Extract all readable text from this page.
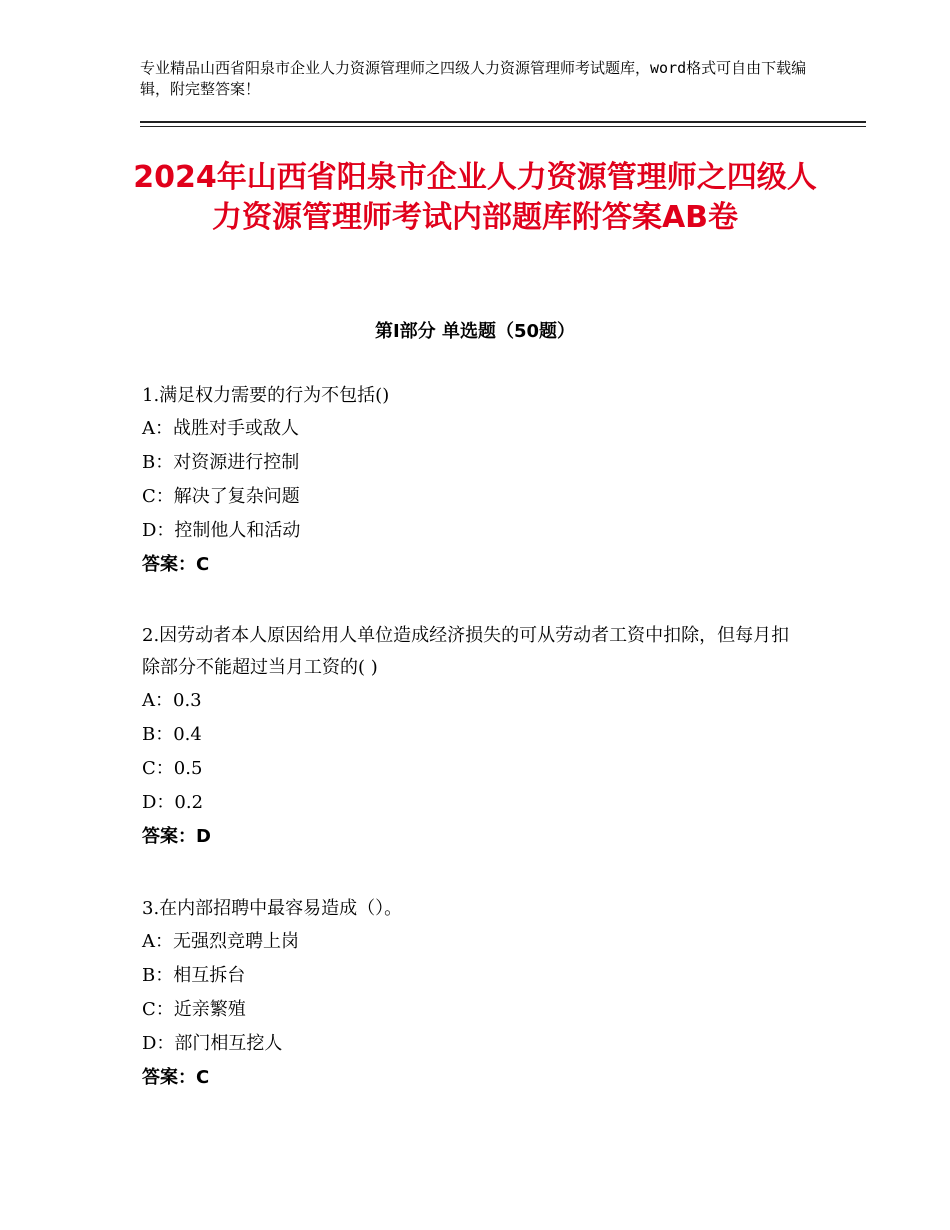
专业精品山西省阳泉市企业人力资源管理师之四级人力资源管理师考试题库，word格式可自由下载编辑，附完整答案！
2024年山西省阳泉市企业人力资源管理师之四级人力资源管理师考试内部题库附答案AB卷
第Ⅰ部分 单选题（50题）
1.满足权力需要的行为不包括()
A：战胜对手或敌人
B：对资源进行控制
C：解决了复杂问题
D：控制他人和活动
答案：C
2.因劳动者本人原因给用人单位造成经济损失的可从劳动者工资中扣除，但每月扣除部分不能超过当月工资的( )
A：0.3
B：0.4
C：0.5
D：0.2
答案：D
3.在内部招聘中最容易造成（）。
A：无强烈竞聘上岗
B：相互拆台
C：近亲繁殖
D：部门相互挖人
答案：C
